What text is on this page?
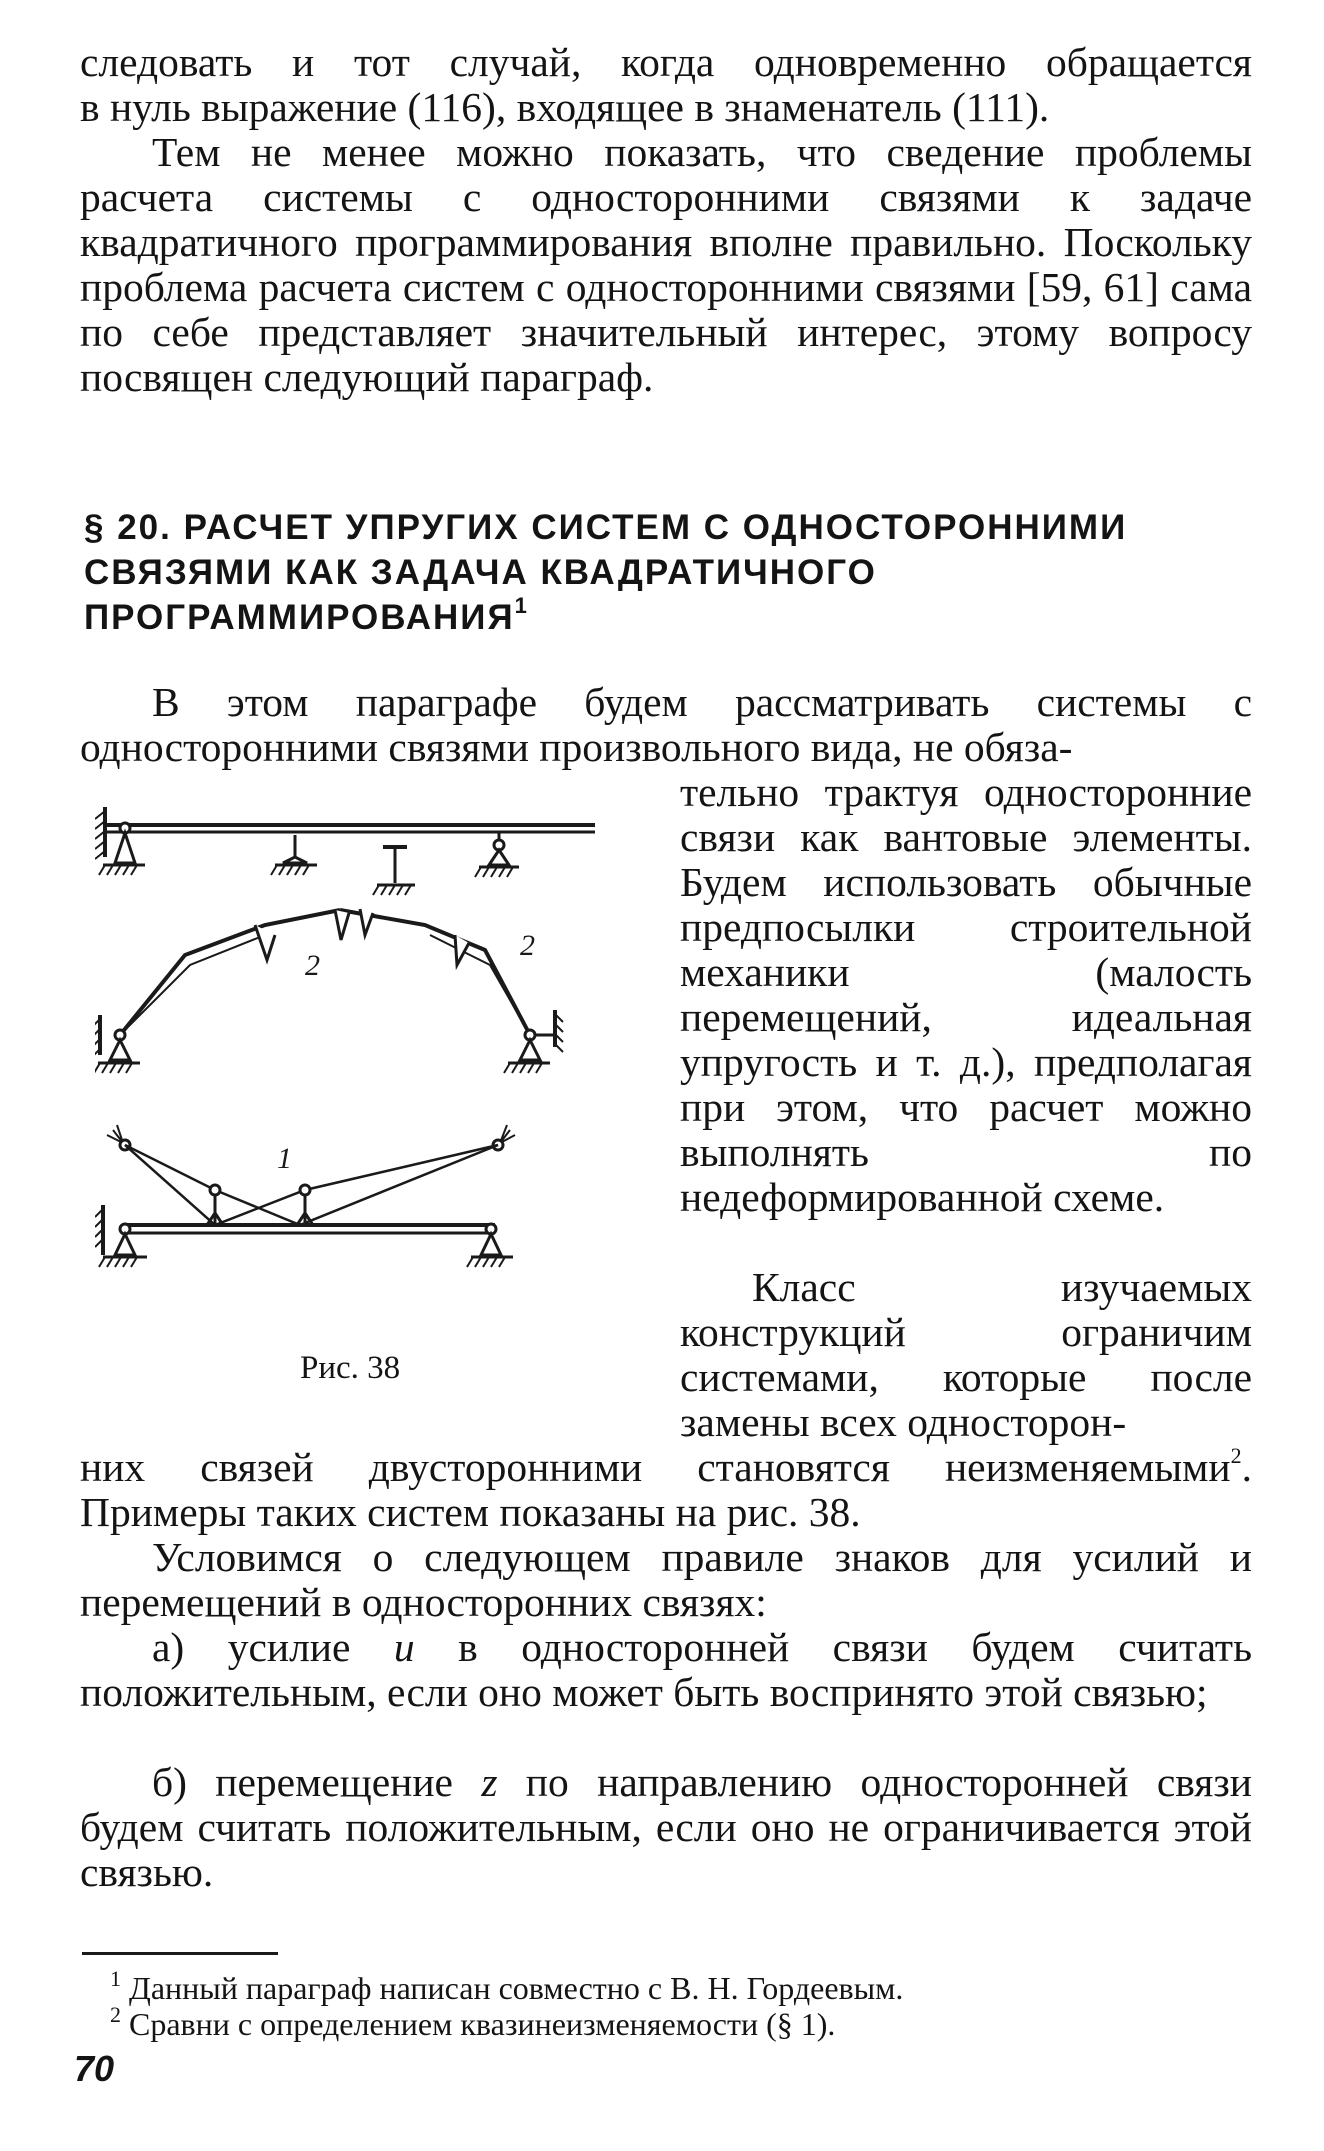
следовать и тот случай, когда одновременно обращается
в нуль выражение (116), входящее в знаменатель (111).

Тем не менее можно показать, что сведение проблемы расчета системы с односторонними связями к задаче квадратичного программирования вполне правильно. Поскольку проблема расчета систем с односторонними связями [59, 61] сама по себе представляет значительный интерес, этому вопросу посвящен следующий параграф.

§ 20. РАСЧЕТ УПРУГИХ СИСТЕМ С ОДНОСТОРОННИМИ СВЯЗЯМИ КАК ЗАДАЧА КВАДРАТИЧНОГО ПРОГРАММИРОВАНИЯ$^1$

В этом параграфе будем рассматривать системы с односторонними связями произвольного вида, не обяза-

тельно трактуя односторонние связи как вантовые элементы. Будем использовать обычные предпосылки строительной механики (малость перемещений, идеальная упругость и т. д.), предполагая при этом, что расчет можно выполнять по недеформированной схеме.

Класс изучаемых конструкций ограничим системами, которые после замены всех односторон-

них связей двусторонними становятся неизменяемыми$^2$.
Примеры таких систем показаны на рис. 38.

2
2
1
Рис. 38

Условимся о следующем правиле знаков для усилий и перемещений в односторонних связях:

а) усилие u в односторонней связи будем считать положительным, если оно может быть воспринято этой связью;

б) перемещение z по направлению односторонней связи будем считать положительным, если оно не ограничивается этой связью.

$^1$ Данный параграф написан совместно с В. Н. Гордеевым.

$^2$ Сравни с определением квазинеизменяемости (§ 1).

70
